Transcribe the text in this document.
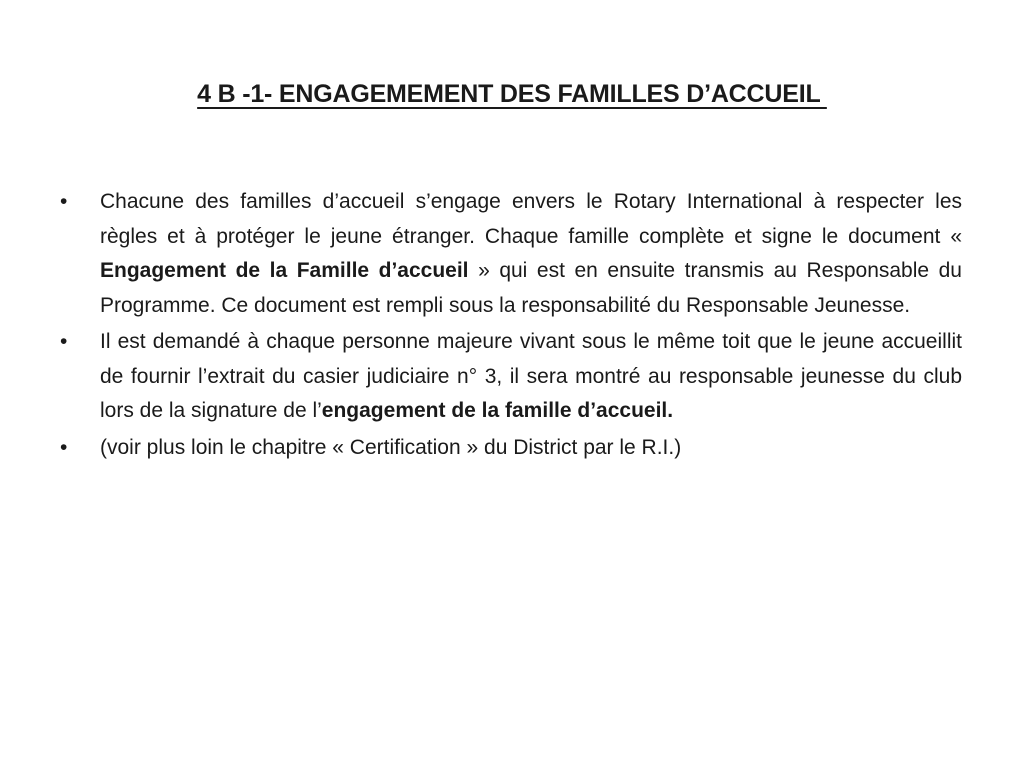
4 B -1- ENGAGEMEMENT DES FAMILLES D’ACCUEIL
• Chacune des familles d’accueil s’engage envers le Rotary International à respecter les règles et à protéger le jeune étranger. Chaque famille complète et signe le document « Engagement de la Famille d’accueil » qui est en ensuite transmis au Responsable du Programme. Ce document est rempli sous la responsabilité du Responsable Jeunesse.
• Il est demandé à chaque personne majeure vivant sous le même toit que le jeune accueillit de fournir l’extrait du casier judiciaire n° 3, il sera montré au responsable jeunesse du club lors de la signature de l’engagement de la famille d’accueil.
• (voir plus loin le chapitre « Certification » du District par le R.I.)
